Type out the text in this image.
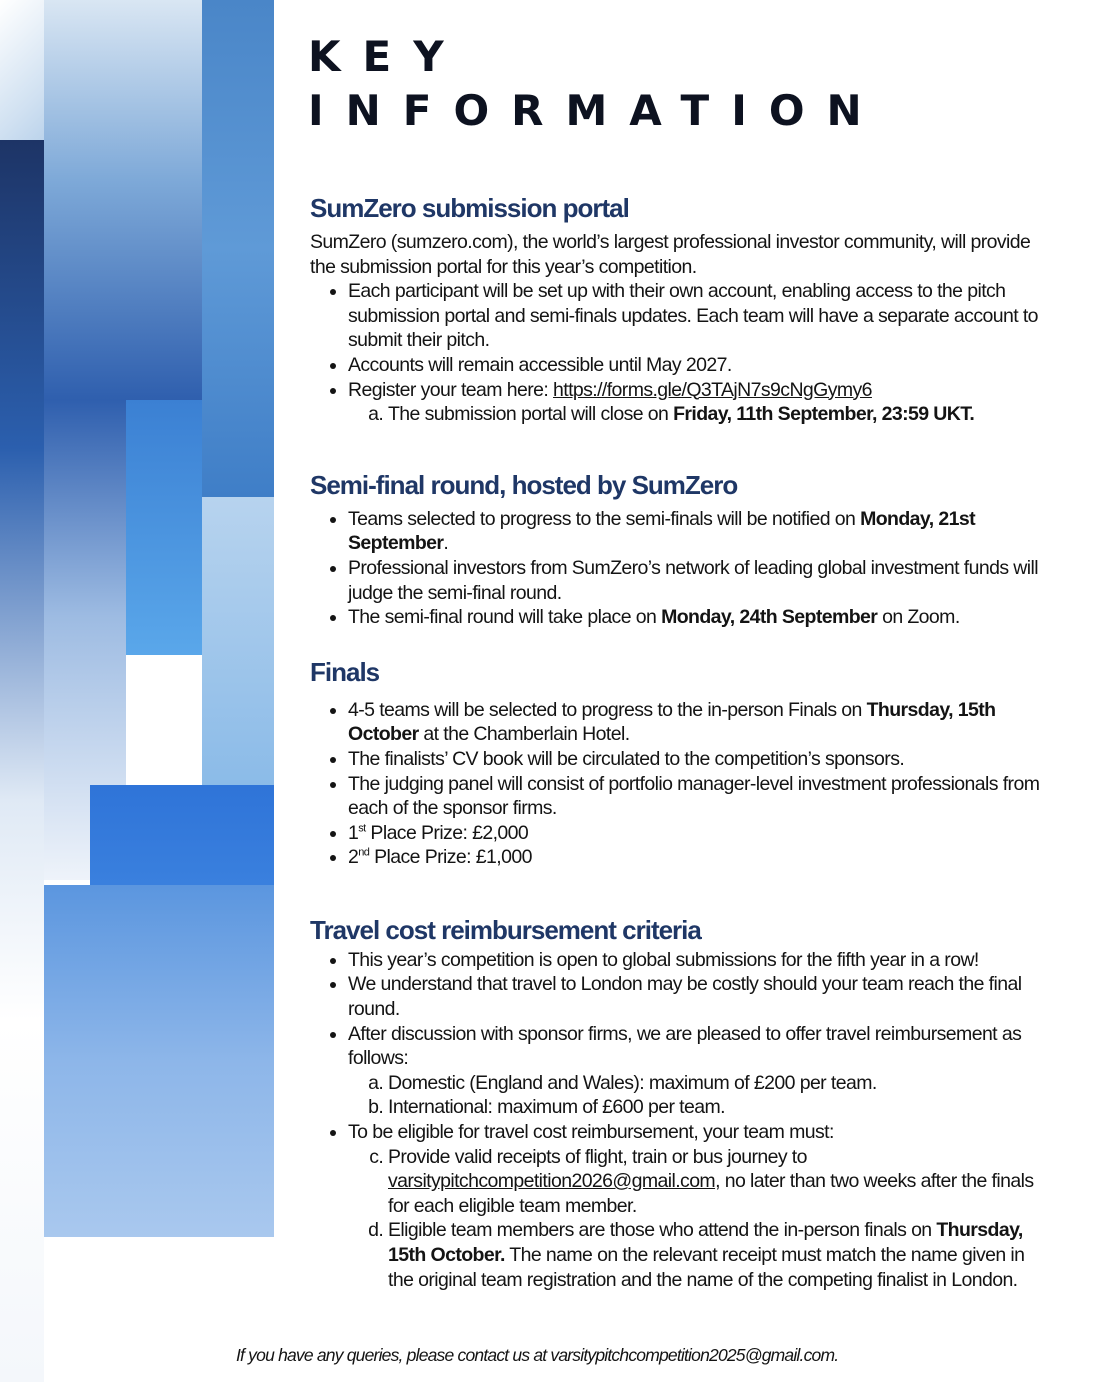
KEY
INFORMATION
SumZero submission portal

SumZero (sumzero.com), the world’s largest professional investor community, will provide the submission portal for this year’s competition.

• Each participant will be set up with their own account, enabling access to the pitch submission portal and semi-finals updates. Each team will have a separate account to submit their pitch.
• Accounts will remain accessible until May 2027.
• Register your team here: https://forms.gle/Q3TAjN7s9cNgGymy6
a. The submission portal will close on Friday, 11th September, 23:59 UKT.
Semi-final round, hosted by SumZero
• Teams selected to progress to the semi-finals will be notified on Monday, 21st September.
• Professional investors from SumZero’s network of leading global investment funds will judge the semi-final round.
• The semi-final round will take place on Monday, 24th September on Zoom.
Finals
• 4-5 teams will be selected to progress to the in-person Finals on Thursday, 15th October at the Chamberlain Hotel.
• The finalists’ CV book will be circulated to the competition’s sponsors.
• The judging panel will consist of portfolio manager-level investment professionals from each of the sponsor firms.
• 1st Place Prize: £2,000
• 2nd Place Prize: £1,000
Travel cost reimbursement criteria
• This year’s competition is open to global submissions for the fifth year in a row!
• We understand that travel to London may be costly should your team reach the final round.
• After discussion with sponsor firms, we are pleased to offer travel reimbursement as follows:
a. Domestic (England and Wales): maximum of £200 per team.
b. International: maximum of £600 per team.
• To be eligible for travel cost reimbursement, your team must:
c. Provide valid receipts of flight, train or bus journey to varsitypitchcompetition2026@gmail.com, no later than two weeks after the finals for each eligible team member.
d. Eligible team members are those who attend the in-person finals on Thursday, 15th October. The name on the relevant receipt must match the name given in the original team registration and the name of the competing finalist in London.
If you have any queries, please contact us at varsitypitchcompetition2025@gmail.com.
